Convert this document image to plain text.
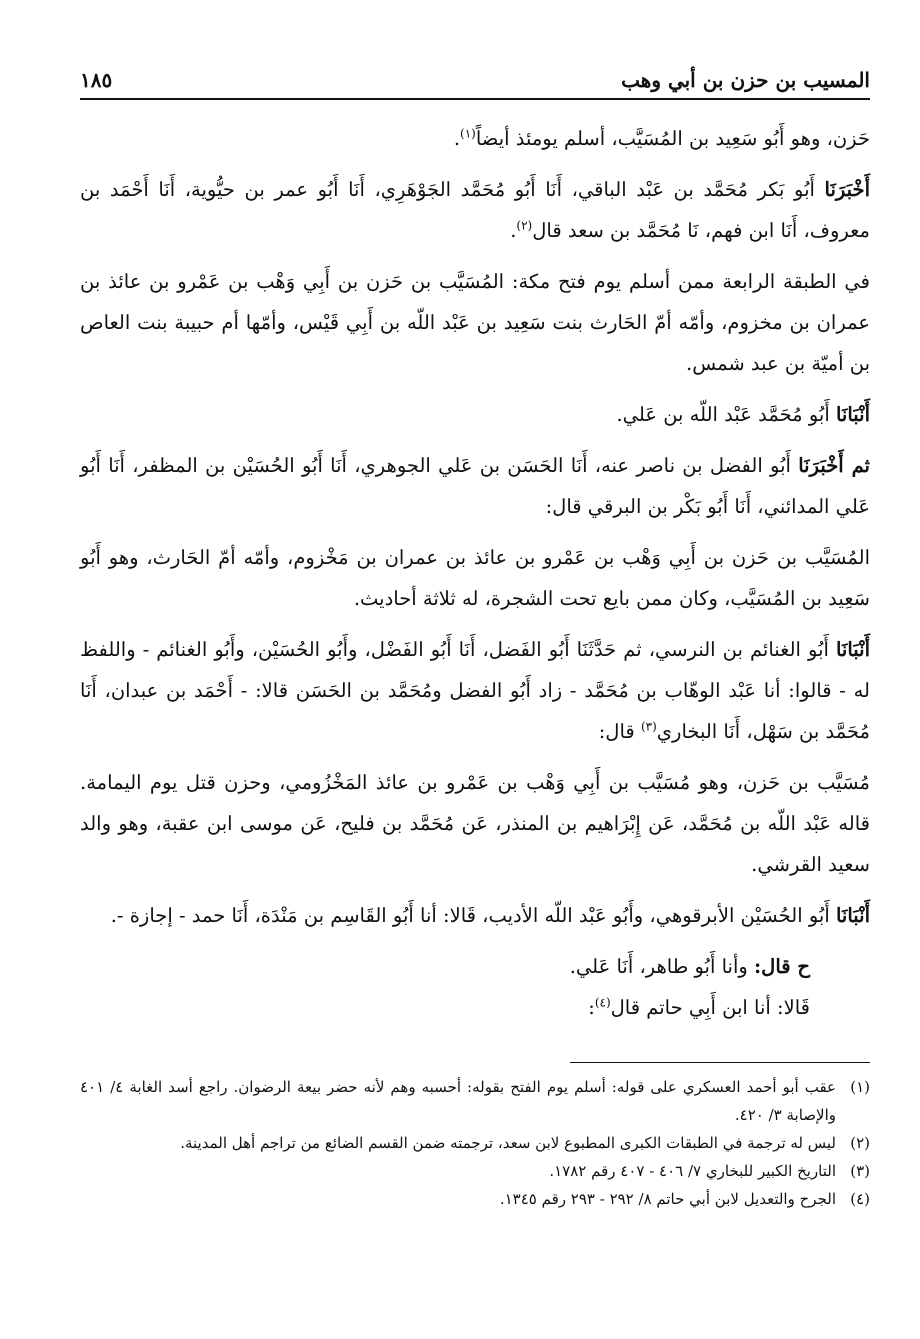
المسيب بن حزن بن أبي وهب
١٨٥

حَزن، وهو أَبُو سَعِيد بن المُسَيَّب، أسلم يومئذ أيضاً$^{(١)}$.

أَخْبَرَنَا أَبُو بَكر مُحَمَّد بن عَبْد الباقي، أَنَا أَبُو مُحَمَّد الجَوْهَرِي، أَنَا أَبُو عمر بن حيُّوية، أَنَا أَحْمَد بن معروف، أَنَا ابن فهم، نَا مُحَمَّد بن سعد قال$^{(٢)}$.

في الطبقة الرابعة ممن أسلم يوم فتح مكة: المُسَيَّب بن حَزن بن أَبِي وَهْب بن عَمْرو بن عائذ بن عمران بن مخزوم، وأمّه أمّ الحَارث بنت سَعِيد بن عَبْد اللّه بن أَبِي قَيْس، وأمّها أم حبيبة بنت العاص بن أميّة بن عبد شمس.

أَنْبَانَا أَبُو مُحَمَّد عَبْد اللّه بن عَلي.

ثم أَخْبَرَنَا أَبُو الفضل بن ناصر عنه، أَنَا الحَسَن بن عَلي الجوهري، أَنَا أَبُو الحُسَيْن بن المظفر، أَنَا أَبُو عَلي المدائني، أَنَا أَبُو بَكْر بن البرقي قال:

المُسَيَّب بن حَزن بن أَبِي وَهْب بن عَمْرو بن عائذ بن عمران بن مَخْزوم، وأمّه أمّ الحَارث، وهو أَبُو سَعِيد بن المُسَيَّب، وكان ممن بايع تحت الشجرة، له ثلاثة أحاديث.

أَنْبَانَا أَبُو الغنائم بن النرسي، ثم حَدَّثَنَا أَبُو الفَضل، أَنَا أَبُو الفَضْل، وأَبُو الحُسَيْن، وأَبُو الغنائم - واللفظ له - قالوا: أنا عَبْد الوهّاب بن مُحَمَّد - زاد أَبُو الفضل ومُحَمَّد بن الحَسَن قالا: - أَحْمَد بن عبدان، أَنَا مُحَمَّد بن سَهْل، أَنَا البخاري$^{(٣)}$ قال:

مُسَيَّب بن حَزن، وهو مُسَيَّب بن أَبِي وَهْب بن عَمْرو بن عائذ المَخْزُومي، وحزن قتل يوم اليمامة. قاله عَبْد اللّه بن مُحَمَّد، عَن إِبْرَاهيم بن المنذر، عَن مُحَمَّد بن فليح، عَن موسى ابن عقبة، وهو والد سعيد القرشي.

أَنْبَانَا أَبُو الحُسَيْن الأبرقوهي، وأَبُو عَبْد اللّه الأديب، قَالا: أنا أَبُو القَاسِم بن مَنْدَة، أَنَا حمد - إجازة -.

ح قال: وأنا أَبُو طاهر، أَنَا عَلي.

قَالا: أنا ابن أَبِي حاتم قال$^{(٤)}$:

(١)
عقب أبو أحمد العسكري على قوله: أسلم يوم الفتح بقوله: أحسبه وهم لأنه حضر بيعة الرضوان. راجع أسد الغابة ٤/ ٤٠١ والإصابة ٣/ ٤٢٠.
(٢)
ليس له ترجمة في الطبقات الكبرى المطبوع لابن سعد، ترجمته ضمن القسم الضائع من تراجم أهل المدينة.
(٣)
التاريخ الكبير للبخاري ٧/ ٤٠٦ - ٤٠٧ رقم ١٧٨٢.
(٤)
الجرح والتعديل لابن أبي حاتم ٨/ ٢٩٢ - ٢٩٣ رقم ١٣٤٥.
